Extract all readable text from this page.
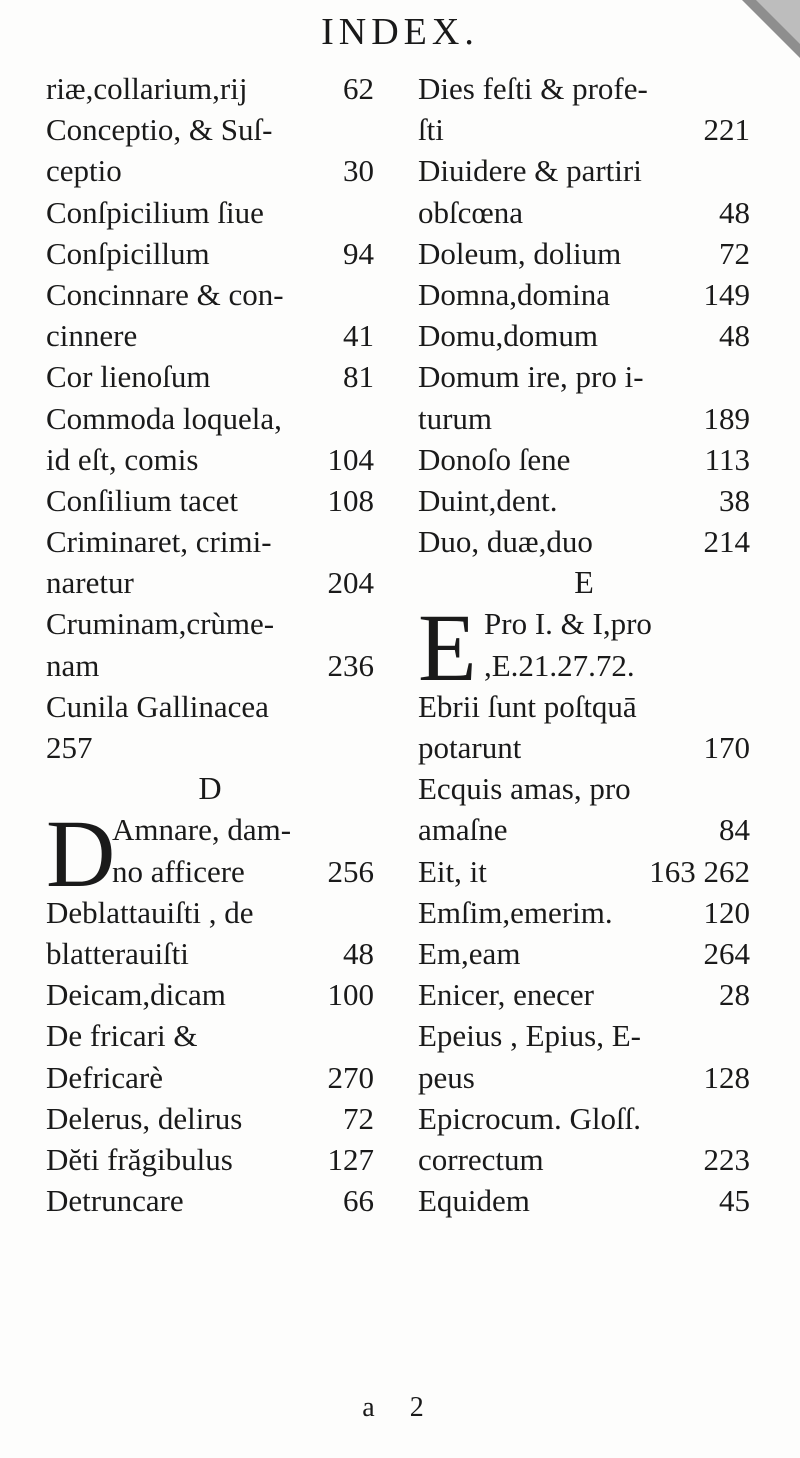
INDEX.
riæ,collarium,rij	62
Conceptio, & Suſ-
ceptio	30
Conſpicilium ſiue
Conſpicillum	94
Concinnare & con-
cinnere	41
Cor lienoſum	81
Commoda loquela,
id eſt, comis	104
Conſilium tacet	108
Criminaret, crimi-
naretur	204
Cruminam,crùme-
nam	236
Cunila Gallinacea
257
D
D
Amnare, dam-
no afficere	256
Deblattauiſti , de
blatterauiſti	48
Deicam,dicam	100
De fricari &
Defricarè	270
Delerus, delirus	72
Dĕti frăgibulus	127
Detruncare	66
Dies feſti & profe-
ſti	221
Diuidere & partiri
obſcœna	48
Doleum, dolium	72
Domna,domina	149
Domu,domum	48
Domum ire, pro i-
turum	189
Donoſo ſene	113
Duint,dent.	38
Duo, duæ,duo	214
E
E Pro I. & I,pro
,E.21.27.72.
Ebrii ſunt poſtquā
potarunt	170
Ecquis amas, pro
amaſne	84
Eit, it	163 262
Emſim,emerim.	120
Em,eam	264
Enicer, enecer	28
Epeius , Epius, E-
peus	128
Epicrocum. Gloſſ.
correctum	223
Equidem	45
a 2
